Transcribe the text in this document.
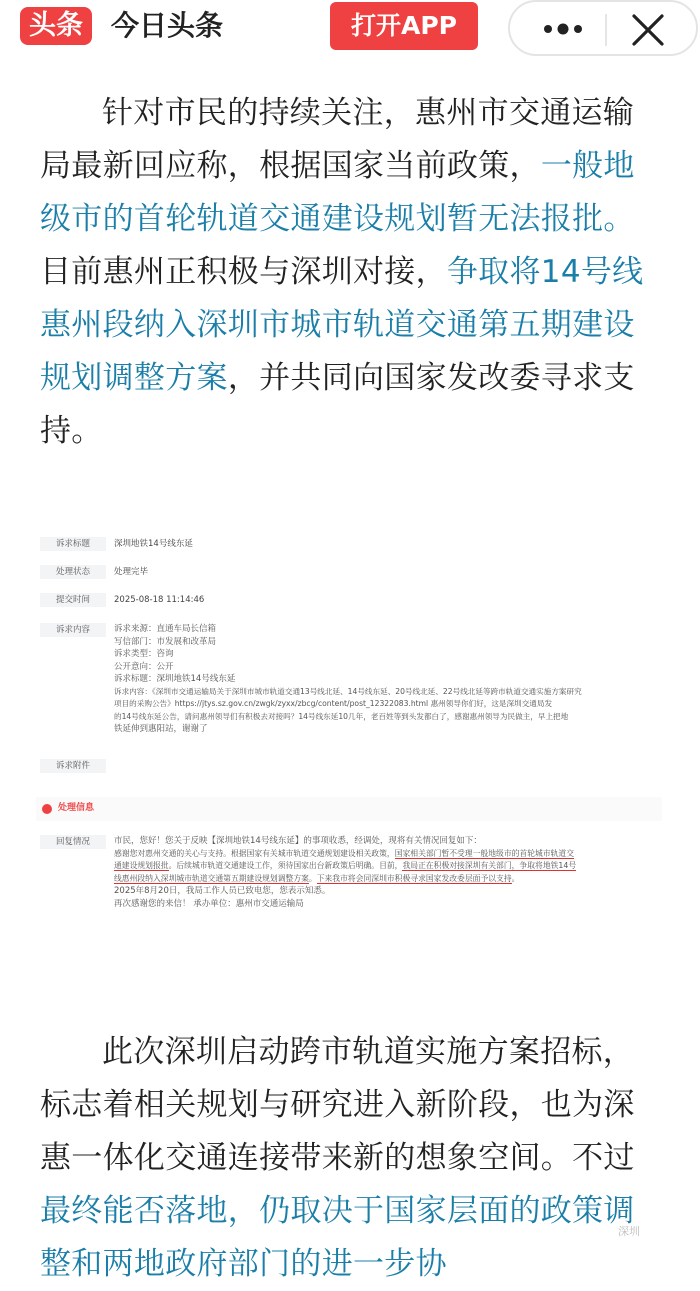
头条	今日头条	打开APP

针对市民的持续关注，惠州市交通运输局最新回应称，根据国家当前政策，一般地级市的首轮轨道交通建设规划暂无法报批。目前惠州正积极与深圳对接，争取将14号线惠州段纳入深圳市城市轨道交通第五期建设规划调整方案，并共同向国家发改委寻求支持。

诉求标题	深圳地铁14号线东延
处理状态	处理完毕
提交时间	2025-08-18 11:14:46
诉求内容	诉求来源：直通车局长信箱
写信部门：市发展和改革局
诉求类型：咨询
公开意向：公开
诉求标题：深圳地铁14号线东延
诉求内容：《深圳市交通运输局关于深圳市城市轨道交通13号线北延、14号线东延、20号线北延、22号线北延等跨市轨道交通实施方案研究
项目的采购公告》https://jtys.sz.gov.cn/zwgk/zyxx/zbcg/content/post_12322083.html 惠州领导你们好，这是深圳交通局发
的14号线东延公告，请问惠州领导们有积极去对接吗？14号线东延10几年，老百姓等到头发都白了，感谢惠州领导为民做主，早上把地
铁延伸到惠阳站，谢谢了
诉求附件
处理信息
回复情况	市民，您好！您关于反映【深圳地铁14号线东延】的事项收悉，经调处，现将有关情况回复如下：
感谢您对惠州交通的关心与支持。根据国家有关城市轨道交通规划建设相关政策，国家相关部门暂不受理一般地级市的首轮城市轨道交
通建设规划报批。后续城市轨道交通建设工作，须待国家出台新政策后明确。目前，我局正在积极对接深圳有关部门，争取将地铁14号
线惠州段纳入深圳城市轨道交通第五期建设规划调整方案。下来我市将会同深圳市积极寻求国家发改委层面予以支持。
2025年8月20日，我局工作人员已致电您，您表示知悉。
再次感谢您的来信！ 承办单位：惠州市交通运输局

此次深圳启动跨市轨道实施方案招标，标志着相关规划与研究进入新阶段，也为深惠一体化交通连接带来新的想象空间。不过最终能否落地，仍取决于国家层面的政策调整和两地政府部门的进一步协

深圳
